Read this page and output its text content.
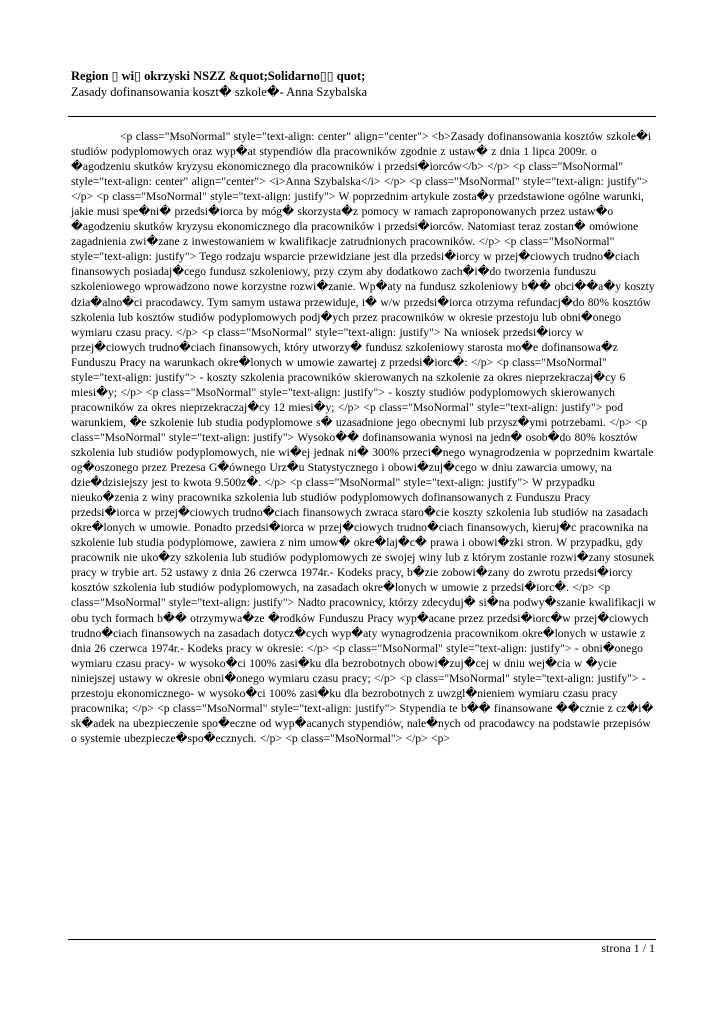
Region ▯ wi▯ okrzyski NSZZ &quot;Solidarno▯▯ quot;
Zasady dofinansowania koszt� szkole�- Anna Szybalska
<p class="MsoNormal" style="text-align: center" align="center"> <b>Zasady dofinansowania kosztów szkole�i studiów podyplomowych oraz wyp�at stypendiów dla pracowników zgodnie z ustaw� z dnia 1 lipca 2009r. o �agodzeniu skutków kryzysu ekonomicznego dla pracowników i przedsi�iorców</b> </p> <p class="MsoNormal" style="text-align: center" align="center"> <i>Anna Szybalska</i> </p> <p class="MsoNormal" style="text-align: justify"> </p> <p class="MsoNormal" style="text-align: justify"> W poprzednim artykule zosta�y przedstawione ogólne warunki, jakie musi spe�ni� przedsi�iorca by móg� skorzysta�z pomocy w ramach zaproponowanych przez ustaw�o �agodzeniu skutków kryzysu ekonomicznego dla pracowników i przedsi�iorców. Natomiast teraz zostan� omówione zagadnienia zwi�zane z inwestowaniem w kwalifikacje zatrudnionych pracowników. </p> <p class="MsoNormal" style="text-align: justify"> Tego rodzaju wsparcie przewidziane jest dla przedsi�iorcy w przej�ciowych trudno�ciach finansowych posiadaj�cego fundusz szkoleniowy, przy czym aby dodatkowo zach�i�do tworzenia funduszu szkoleniowego wprowadzono nowe korzystne rozwi�zanie. Wp�aty na fundusz szkoleniowy b�� obci��a�y koszty dzia�alno�ci pracodawcy. Tym samym ustawa przewiduje, i� w/w przedsi�iorca otrzyma refundacj�do 80% kosztów szkolenia lub kosztów studiów podyplomowych podj�ych przez pracowników w okresie przestoju lub obni�onego wymiaru czasu pracy. </p> <p class="MsoNormal" style="text-align: justify"> Na wniosek przedsi�iorcy w przej�ciowych trudno�ciach finansowych, który utworzy� fundusz szkoleniowy starosta mo�e dofinansowa�z Funduszu Pracy na warunkach okre�lonych w umowie zawartej z przedsi�iorc�: </p> <p class="MsoNormal" style="text-align: justify"> - koszty szkolenia pracowników skierowanych na szkolenie za okres nieprzekraczaj�cy 6 miesi�y; </p> <p class="MsoNormal" style="text-align: justify"> - koszty studiów podyplomowych skierowanych pracowników za okres nieprzekraczaj�cy 12 miesi�y; </p> <p class="MsoNormal" style="text-align: justify"> pod warunkiem, �e szkolenie lub studia podyplomowe s� uzasadnione jego obecnymi lub przysz�ymi potrzebami. </p> <p class="MsoNormal" style="text-align: justify"> Wysoko�� dofinansowania wynosi na jedn� osob�do 80% kosztów szkolenia lub studiów podyplomowych, nie wi�ej jednak ni� 300% przeci�nego wynagrodzenia w poprzednim kwartale og�oszonego przez Prezesa G�ównego Urz�u Statystycznego i obowi�zuj�cego w dniu zawarcia umowy, na dzie�dzisiejszy jest to kwota 9.500z�. </p> <p class="MsoNormal" style="text-align: justify"> W przypadku nieuko�zenia z winy pracownika szkolenia lub studiów podyplomowych dofinansowanych z Funduszu Pracy przedsi�iorca w przej�ciowych trudno�ciach finansowych zwraca staro�cie koszty szkolenia lub studiów na zasadach okre�lonych w umowie. Ponadto przedsi�iorca w przej�ciowych trudno�ciach finansowych, kieruj�c pracownika na szkolenie lub studia podyplomowe, zawiera z nim umow� okre�laj�c� prawa i obowi�zki stron. W przypadku, gdy pracownik nie uko�zy szkolenia lub studiów podyplomowych ze swojej winy lub z którym zostanie rozwi�zany stosunek pracy w trybie art. 52 ustawy z dnia 26 czerwca 1974r.- Kodeks pracy, b�zie zobowi�zany do zwrotu przedsi�iorcy kosztów szkolenia lub studiów podyplomowych, na zasadach okre�lonych w umowie z przedsi�iorc�. </p> <p class="MsoNormal" style="text-align: justify"> Nadto pracownicy, którzy zdecyduj� si�na podwy�szanie kwalifikacji w obu tych formach b�� otrzymywa�ze �rodków Funduszu Pracy wyp�acane przez przedsi�iorc�w przej�ciowych trudno�ciach finansowych na zasadach dotycz�cych wyp�aty wynagrodzenia pracownikom okre�lonych w ustawie z dnia 26 czerwca 1974r.- Kodeks pracy w okresie: </p> <p class="MsoNormal" style="text-align: justify"> - obni�onego wymiaru czasu pracy- w wysoko�ci 100% zasi�ku dla bezrobotnych obowi�zuj�cej w dniu wej�cia w �ycie niniejszej ustawy w okresie obni�onego wymiaru czasu pracy; </p> <p class="MsoNormal" style="text-align: justify"> - przestoju ekonomicznego- w wysoko�ci 100% zasi�ku dla bezrobotnych z uwzgl�nieniem wymiaru czasu pracy pracownika; </p> <p class="MsoNormal" style="text-align: justify"> Stypendia te b�� finansowane ��cznie z cz�i� sk�adek na ubezpieczenie spo�eczne od wyp�acanych stypendiów, nale�nych od pracodawcy na podstawie przepisów o systemie ubezpiecze�spo�ecznych. </p> <p class="MsoNormal"> </p> <p>
strona 1 / 1
